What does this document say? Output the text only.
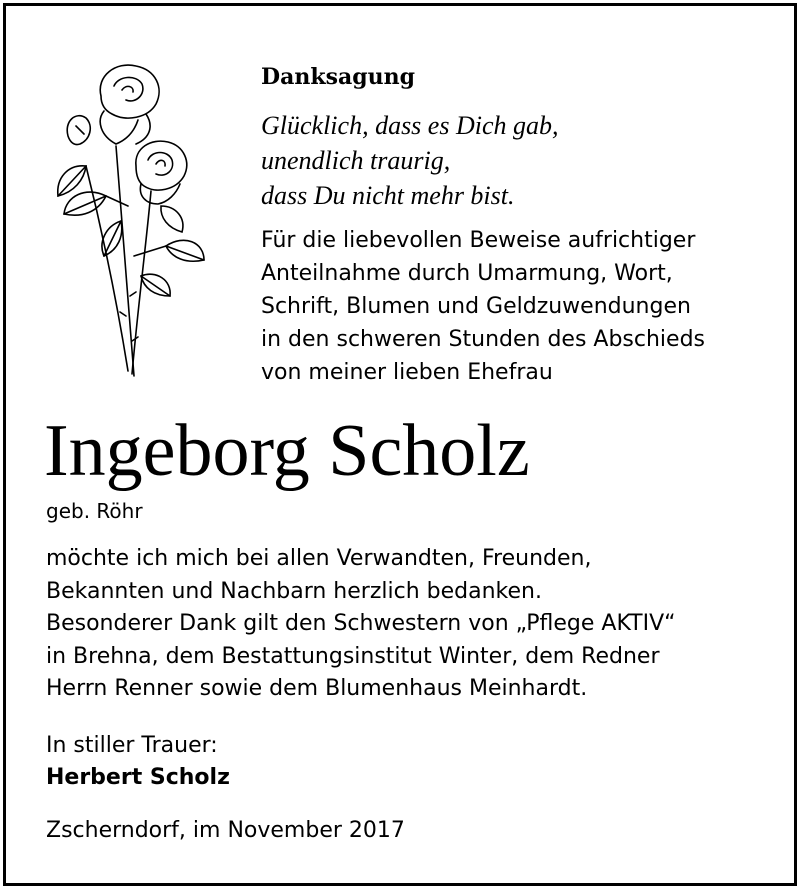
Danksagung
Glücklich, dass es Dich gab,
unendlich traurig,
dass Du nicht mehr bist.
Für die liebevollen Beweise aufrichtiger
Anteilnahme durch Umarmung, Wort,
Schrift, Blumen und Geldzuwendungen
in den schweren Stunden des Abschieds
von meiner lieben Ehefrau
Ingeborg Scholz
geb. Röhr
möchte ich mich bei allen Verwandten, Freunden,
Bekannten und Nachbarn herzlich bedanken.
Besonderer Dank gilt den Schwestern von „Pflege AKTIV“
in Brehna, dem Bestattungsinstitut Winter, dem Redner
Herrn Renner sowie dem Blumenhaus Meinhardt.
In stiller Trauer:
Herbert Scholz
Zscherndorf, im November 2017
